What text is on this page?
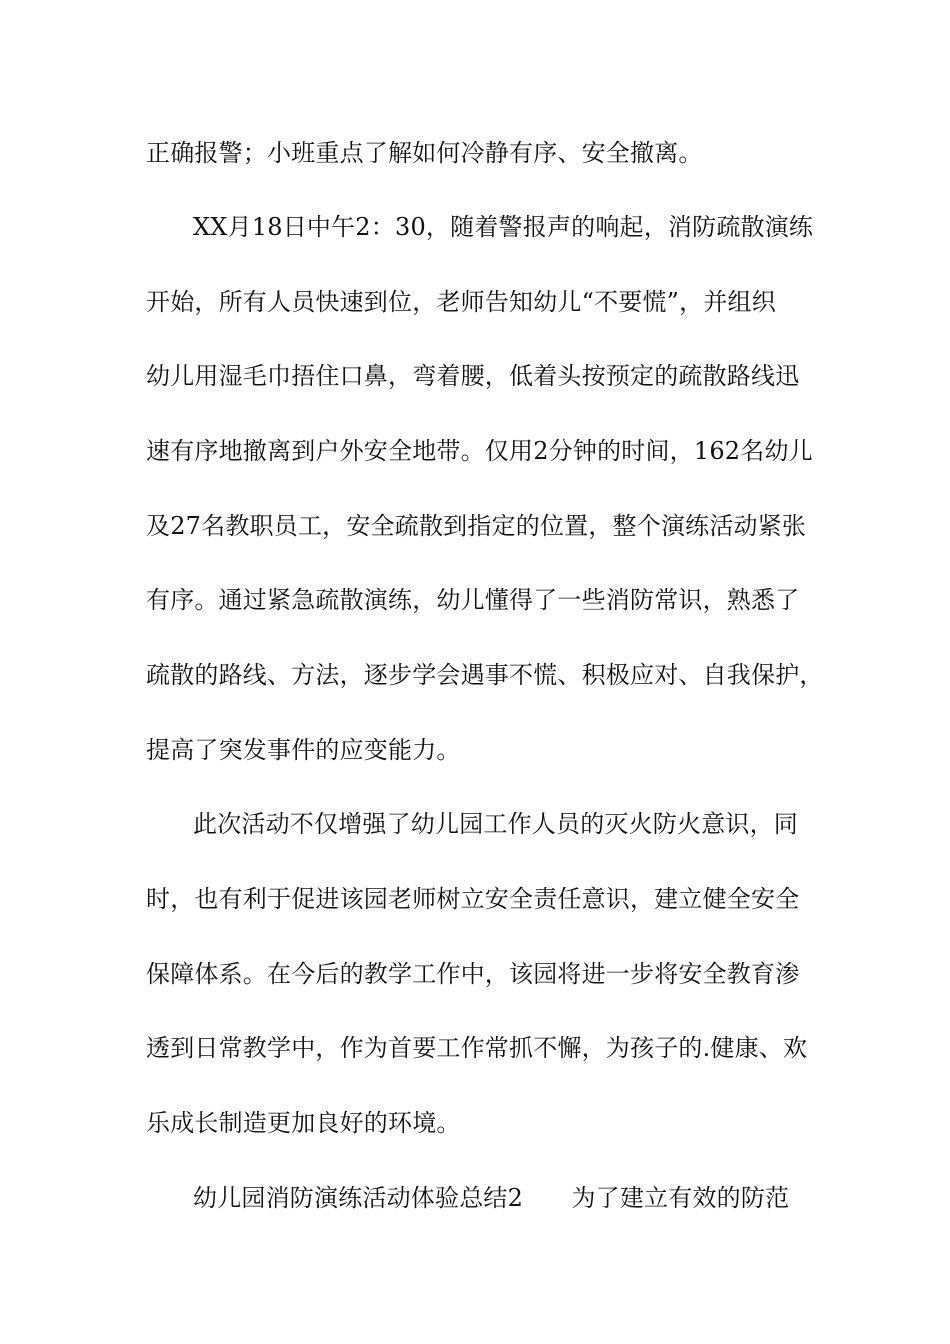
正确报警；小班重点了解如何冷静有序、安全撤离。
XX月18日中午2：30，随着警报声的响起，消防疏散演练
开始，所有人员快速到位，老师告知幼儿“不要慌”，并组织
幼儿用湿毛巾捂住口鼻，弯着腰，低着头按预定的疏散路线迅
速有序地撤离到户外安全地带。仅用2分钟的时间，162名幼儿
及27名教职员工，安全疏散到指定的位置，整个演练活动紧张
有序。通过紧急疏散演练，幼儿懂得了一些消防常识，熟悉了
疏散的路线、方法，逐步学会遇事不慌、积极应对、自我保护，
提高了突发事件的应变能力。
此次活动不仅增强了幼儿园工作人员的灭火防火意识，同
时，也有利于促进该园老师树立安全责任意识，建立健全安全
保障体系。在今后的教学工作中，该园将进一步将安全教育渗
透到日常教学中，作为首要工作常抓不懈，为孩子的.健康、欢
乐成长制造更加良好的环境。
幼儿园消防演练活动体验总结2　　为了建立有效的防范
